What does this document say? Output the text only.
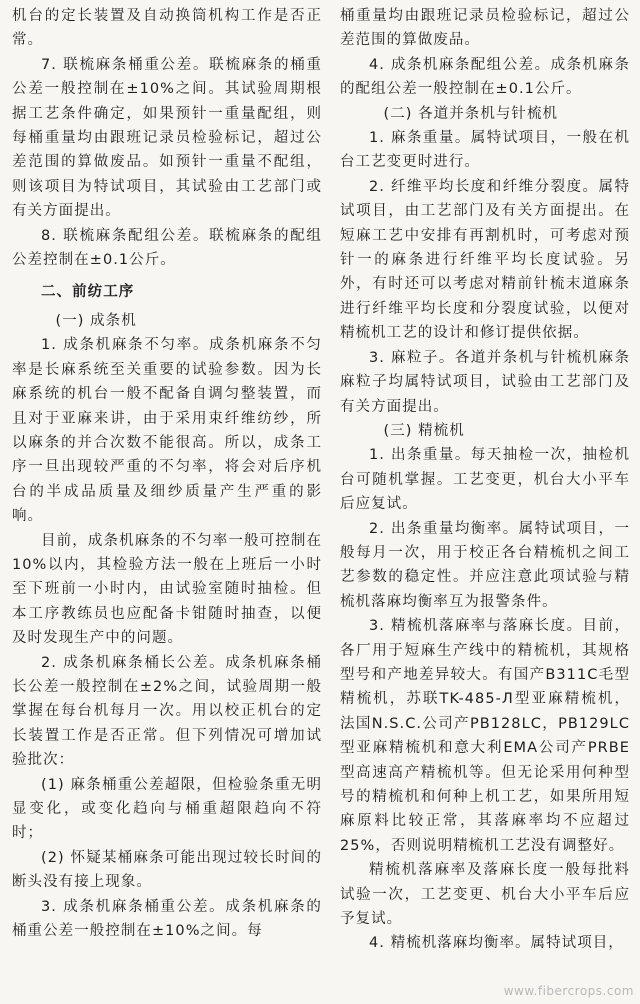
机台的定长装置及自动换筒机构工作是否正常。

7. 联梳麻条桶重公差。联梳麻条的桶重公差一般控制在±10%之间。其试验周期根据工艺条件确定，如果预针一重量配组，则每桶重量均由跟班记录员检验标记，超过公差范围的算做废品。如预针一重量不配组，则该项目为特试项目，其试验由工艺部门或有关方面提出。

8. 联梳麻条配组公差。联梳麻条的配组公差控制在±0.1公斤。

二、前纺工序

(一) 成条机

1. 成条机麻条不匀率。成条机麻条不匀率是长麻系统至关重要的试验参数。因为长麻系统的机台一般不配备自调匀整装置，而且对于亚麻来讲，由于采用束纤维纺纱，所以麻条的并合次数不能很高。所以，成条工序一旦出现较严重的不匀率，将会对后序机台的半成品质量及细纱质量产生严重的影响。

目前，成条机麻条的不匀率一般可控制在10%以内，其检验方法一般在上班后一小时至下班前一小时内，由试验室随时抽检。但本工序教练员也应配备卡钳随时抽查，以便及时发现生产中的问题。

2. 成条机麻条桶长公差。成条机麻条桶长公差一般控制在±2%之间，试验周期一般掌握在每台机每月一次。用以校正机台的定长装置工作是否正常。但下列情况可增加试验批次：

(1) 麻条桶重公差超限，但检验条重无明显变化，或变化趋向与桶重超限趋向不符时；

(2) 怀疑某桶麻条可能出现过较长时间的断头没有接上现象。

3. 成条机麻条桶重公差。成条机麻条的桶重公差一般控制在±10%之间。每

桶重量均由跟班记录员检验标记，超过公差范围的算做废品。

4. 成条机麻条配组公差。成条机麻条的配组公差一般控制在±0.1公斤。

(二) 各道并条机与针梳机

1. 麻条重量。属特试项目，一般在机台工艺变更时进行。

2. 纤维平均长度和纤维分裂度。属特试项目，由工艺部门及有关方面提出。在短麻工艺中安排有再割机时，可考虑对预针一的麻条进行纤维平均长度试验。另外，有时还可以考虑对精前针梳末道麻条进行纤维平均长度和分裂度试验，以便对精梳机工艺的设计和修订提供依据。

3. 麻粒子。各道并条机与针梳机麻条麻粒子均属特试项目，试验由工艺部门及有关方面提出。

(三) 精梳机

1. 出条重量。每天抽检一次，抽检机台可随机掌握。工艺变更，机台大小平车后应复试。

2. 出条重量均衡率。属特试项目，一般每月一次，用于校正各台精梳机之间工艺参数的稳定性。并应注意此项试验与精梳机落麻均衡率互为报警条件。

3. 精梳机落麻率与落麻长度。目前，各厂用于短麻生产线中的精梳机，其规格型号和产地差异较大。有国产B311C毛型精梳机，苏联TK-485-Л型亚麻精梳机，法国N.S.C.公司产PB128LC，PB129LC型亚麻精梳机和意大利EMA公司产PRBE型高速高产精梳机等。但无论采用何种型号的精梳机和何种上机工艺，如果所用短麻原料比较正常，其落麻率均不应超过25%，否则说明精梳机工艺没有调整好。

精梳机落麻率及落麻长度一般每批料试验一次，工艺变更、机台大小平车后应予复试。

4. 精梳机落麻均衡率。属特试项目，

www.fibercrops.com
